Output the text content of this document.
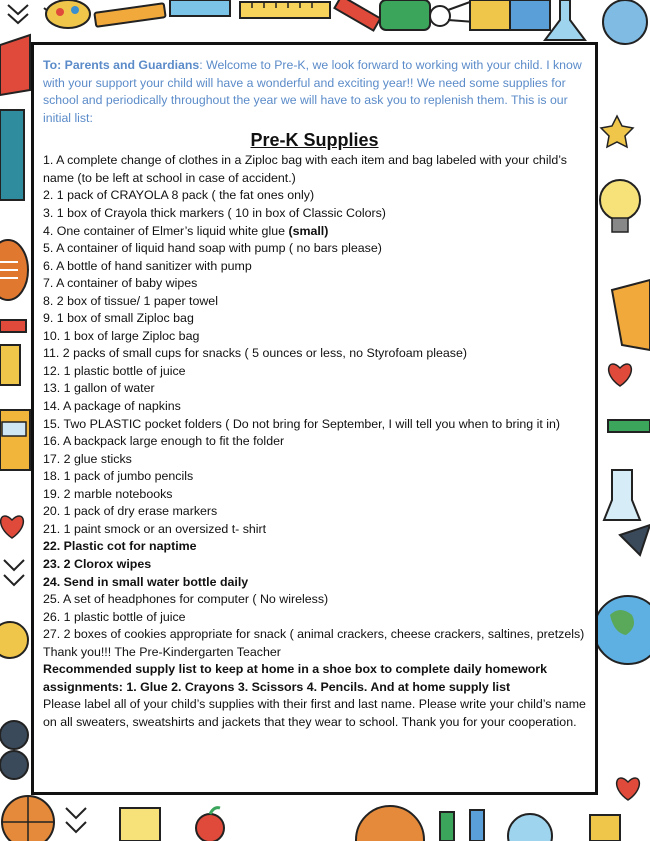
To: Parents and Guardians: Welcome to Pre-K, we look forward to working with your child. I know with your support your child will have a wonderful and exciting year!! We need some supplies for school and periodically throughout the year we will have to ask you to replenish them. This is our initial list:
Pre-K Supplies
1. A complete change of clothes in a Ziploc bag with each item and bag labeled with your child’s name (to be left at school in case of accident.)
2. 1 pack of CRAYOLA 8 pack ( the fat ones only)
3. 1 box of Crayola thick markers ( 10 in box of Classic Colors)
4. One container of Elmer’s liquid white glue (small)
5. A container of liquid hand soap with pump ( no bars please)
6. A bottle of hand sanitizer with pump
7. A container of baby wipes
8. 2 box of tissue/ 1 paper towel
9. 1 box of small Ziploc bag
10. 1 box of large Ziploc bag
11. 2 packs of small cups for snacks ( 5 ounces or less, no Styrofoam please)
12. 1 plastic bottle of juice
13. 1 gallon of water
14. A package of napkins
15. Two PLASTIC pocket folders ( Do not bring for September, I will tell you when to bring it in)
16. A backpack large enough to fit the folder
17. 2 glue sticks
18. 1 pack of jumbo pencils
19. 2 marble notebooks
20. 1 pack of dry erase markers
21. 1 paint smock or an oversized t- shirt
22. Plastic cot for naptime
23. 2 Clorox wipes
24. Send in small water bottle daily
25. A set of headphones for computer ( No wireless)
26. 1 plastic bottle of juice
27. 2 boxes of cookies appropriate for snack ( animal crackers, cheese crackers, saltines, pretzels)
Thank you!!! The Pre-Kindergarten Teacher
Recommended supply list to keep at home in a shoe box to complete daily homework assignments: 1. Glue 2. Crayons 3. Scissors 4. Pencils. And at home supply list
Please label all of your child’s supplies with their first and last name. Please write your child’s name on all sweaters, sweatshirts and jackets that they wear to school. Thank you for your cooperation.
